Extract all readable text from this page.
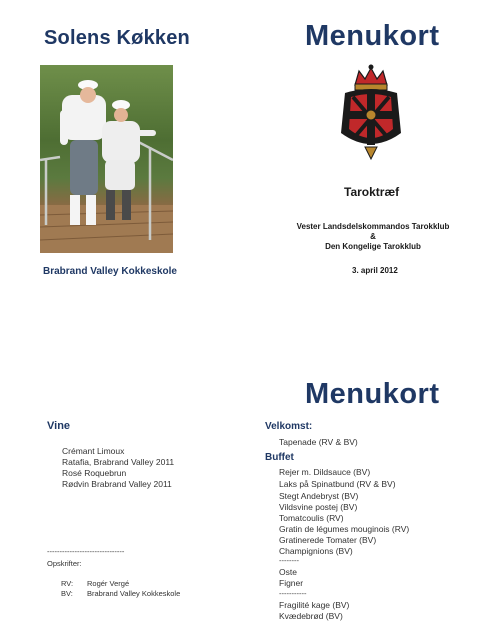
Solens Køkken	Menukort
Brabrand Valley Kokkeskole
Taroktræf
Vester Landsdelskommandos Tarokklub
&
Den Kongelige Tarokklub
3. april 2012
Menukort
Vine
Crémant Limoux
Ratafia, Brabrand Valley 2011
Rosé Roquebrun
Rødvin Brabrand Valley 2011
-------------------------------
Opskrifter:
RV: Rogér Vergé
BV: Brabrand Valley Kokkeskole
Velkomst:
Tapenade (RV & BV)
Buffet
Rejer m. Dildsauce (BV)
Laks på Spinatbund (RV & BV)
Stegt Andebryst (BV)
Vildsvine postej (BV)
Tomatcoulis (RV)
Gratin de légumes mouginois (RV)
Gratinerede Tomater (BV)
Champignions (BV)
--------
Oste
Figner
-----------
Fragilité kage (BV)
Kvædebrød (BV)
